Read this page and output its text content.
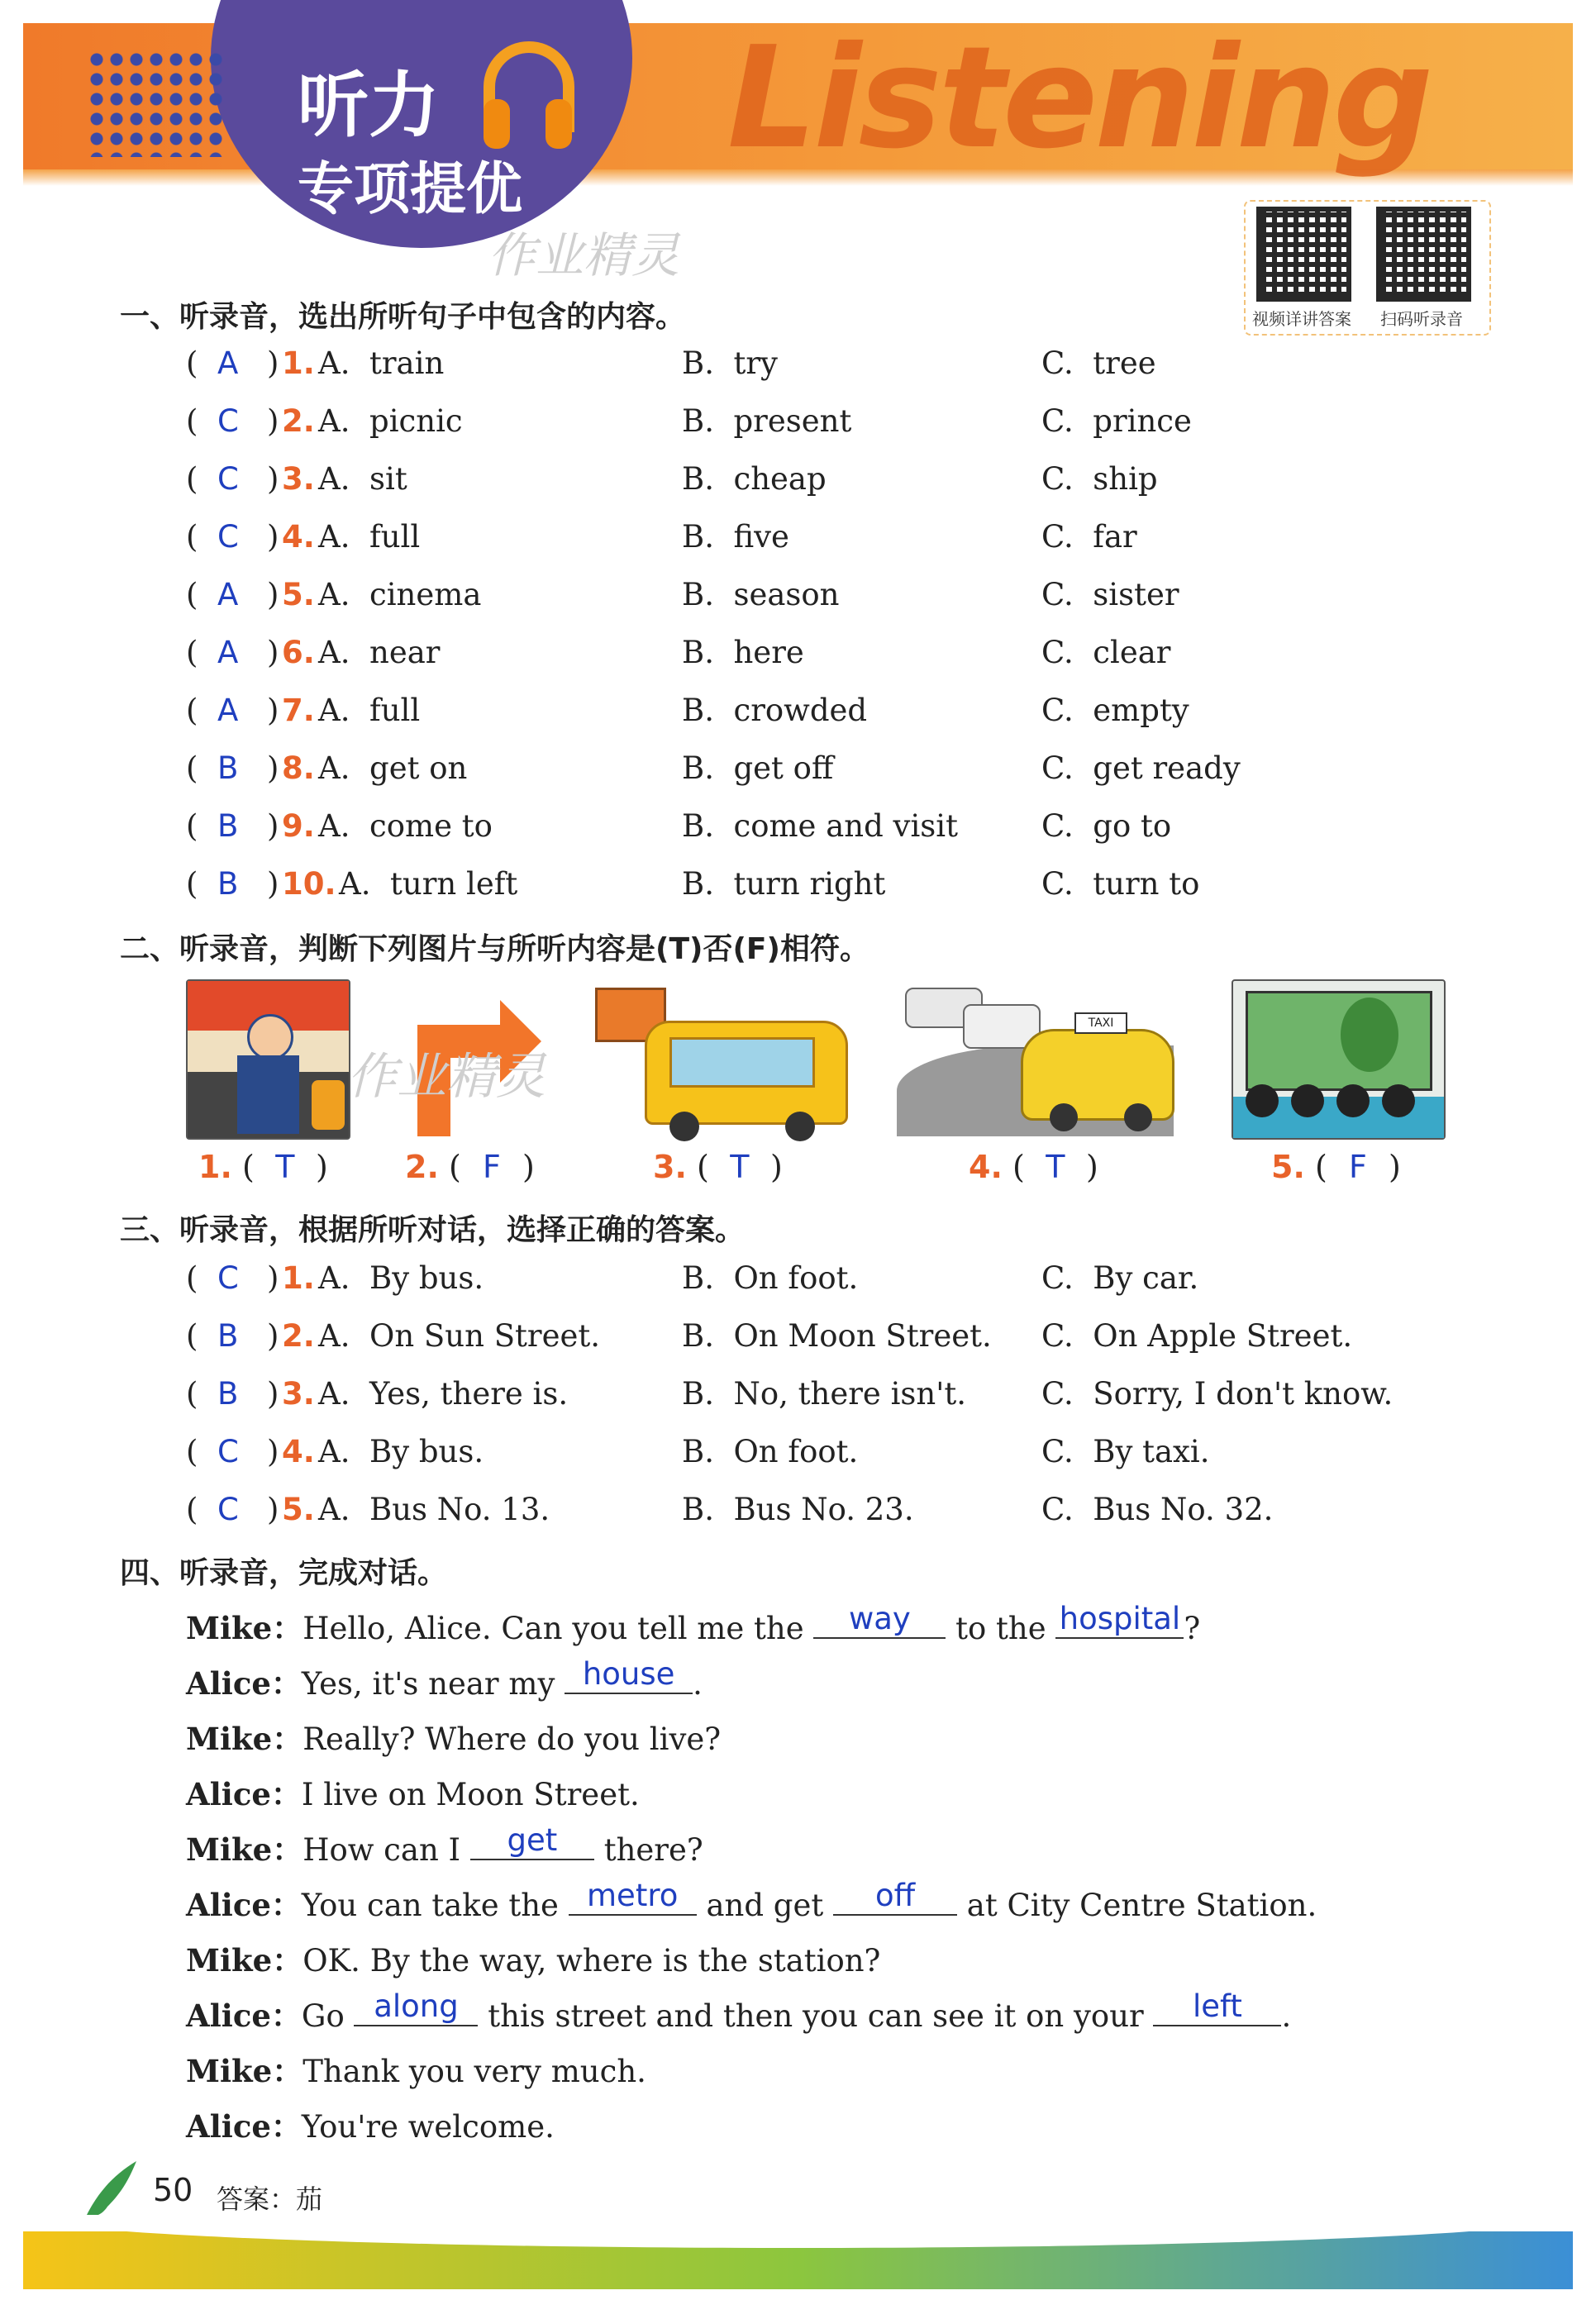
Listening
听力
专项提优
作业精灵
视频详讲答案 扫码听录音
一、听录音，选出所听句子中包含的内容。
( A ) 1. A.  train	B.  try	C.  tree
( C ) 2. A.  picnic	B.  present	C.  prince
( C ) 3. A.  sit	B.  cheap	C.  ship
( C ) 4. A.  full	B.  five	C.  far
( A ) 5. A.  cinema	B.  season	C.  sister
( A ) 6. A.  near	B.  here	C.  clear
( A ) 7. A.  full	B.  crowded	C.  empty
( B ) 8. A.  get on	B.  get off	C.  get ready
( B ) 9. A.  come to	B.  come and visit	C.  go to
( B ) 10. A.  turn left	B.  turn right	C.  turn to
二、听录音，判断下列图片与所听内容是(T)否(F)相符。
作业精灵
TAXI
1. ( T ) 2. ( F )	3. ( T )	4. ( T )	5. ( F )
三、听录音，根据所听对话，选择正确的答案。
( C ) 1. A.  By bus.	B.  On foot.	C.  By car.
( B ) 2. A.  On Sun Street.	B.  On Moon Street. C.  On Apple Street.
( B ) 3. A.  Yes, there is.	B.  No, there isn't. C.  Sorry, I don't know.
( C ) 4. A.  By bus.	B.  On foot.	C.  By taxi.
( C ) 5. A.  Bus No. 13.	B.  Bus No. 23.	C.  Bus No. 32.
四、听录音，完成对话。
Mike：Hello, Alice. Can you tell me the way to the hospital ?
Alice：Yes, it's near my house .
Mike：Really? Where do you live?
Alice：I live on Moon Street.
Mike：How can I get there?
Alice：You can take the metro and get off at City Centre Station.
Mike：OK. By the way, where is the station?
Alice：Go along this street and then you can see it on your left .
Mike：Thank you very much.
Alice：You're welcome.
50 答案：茄
